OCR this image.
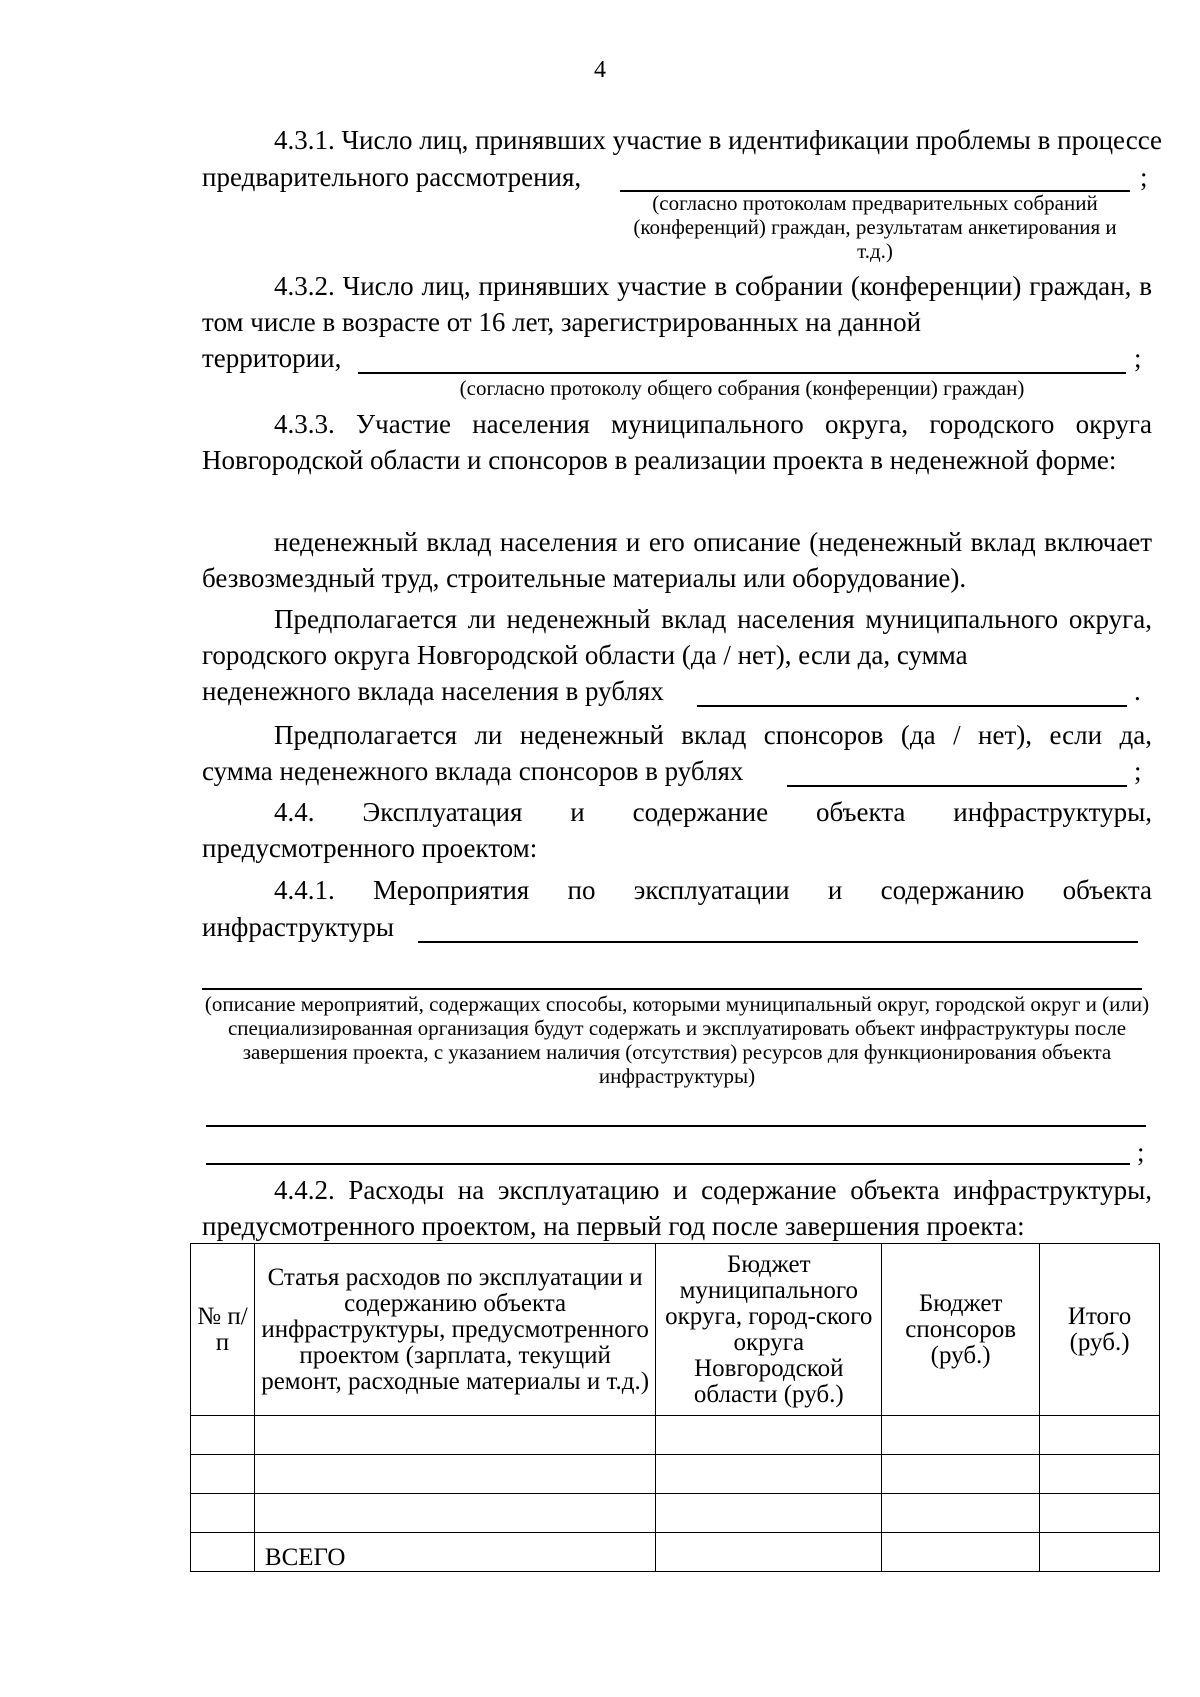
4
4.3.1. Число лиц, принявших участие в идентификации проблемы в процессе
предварительного рассмотрения,	;
(согласно протоколам предварительных собраний (конференций) граждан, результатам анкетирования и т.д.)
4.3.2. Число лиц, принявших участие в собрании (конференции) граждан, в том числе в возрасте от 16 лет, зарегистрированных на данной
территории,	;
(согласно протоколу общего собрания (конференции) граждан)
4.3.3. Участие населения муниципального округа, городского округа Новгородской области и спонсоров в реализации проекта в неденежной форме:
неденежный вклад населения и его описание (неденежный вклад включает безвозмездный труд, строительные материалы или оборудование).
Предполагается ли неденежный вклад населения муниципального округа, городского округа Новгородской области (да / нет), если да, сумма
неденежного вклада населения в рублях	.
Предполагается ли неденежный вклад спонсоров (да / нет), если да,
сумма неденежного вклада спонсоров в рублях	;
4.4. Эксплуатация и содержание объекта инфраструктуры, предусмотренного проектом:
4.4.1. Мероприятия по эксплуатации и содержанию объекта
инфраструктуры
(описание мероприятий, содержащих способы, которыми муниципальный округ, городской округ и (или) специализированная организация будут содержать и эксплуатировать объект инфраструктуры после завершения проекта, с указанием наличия (отсутствия) ресурсов для функционирования объекта инфраструктуры)
;
4.4.2. Расходы на эксплуатацию и содержание объекта инфраструктуры, предусмотренного проектом, на первый год после завершения проекта:
№ п/п	Статья расходов по эксплуатации и содержанию объекта инфраструктуры, предусмотренного проектом (зарплата, текущий ремонт, расходные материалы и т.д.)	Бюджет муниципального округа, город-ского округа Новгородской области (руб.)	Бюджет спонсоров (руб.)	Итого (руб.)

	ВСЕГО			
